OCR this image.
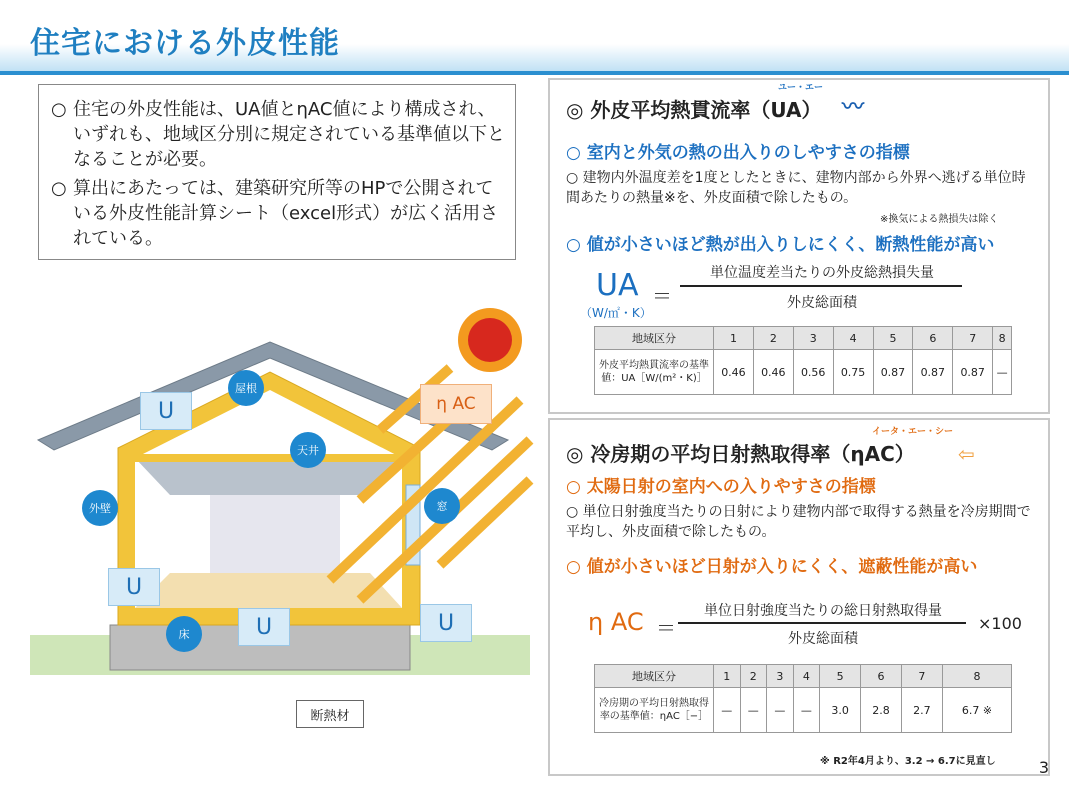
住宅における外皮性能
○ 住宅の外皮性能は、UA値とηAC値により構成され、いずれも、地域区分別に規定されている基準値以下となることが必要。
○ 算出にあたっては、建築研究所等のHPで公開されている外皮性能計算シート（excel形式）が広く活用されている。
屋根
天井
外壁	窓
床
U
U
U	U
η AC
断熱材
ユー・エー
◎ 外皮平均熱貫流率（UA） 〰
○ 室内と外気の熱の出入りのしやすさの指標
○ 建物内外温度差を1度としたときに、建物内部から外界へ逃げる単位時間あたりの熱量※を、外皮面積で除したもの。
※換気による熱損失は除く
○ 値が小さいほど熱が出入りしにくく、断熱性能が高い
UA
（W/㎡・K）
＝
単位温度差当たりの外皮総熱損失量
外皮総面積
地域区分	1	2	3	4	5	6	7	8
外皮平均熱貫流率の基準値：UA［W/(m²・K)］	0.46	0.46	0.56	0.75	0.87	0.87	0.87	—
イータ・エー・シー
◎ 冷房期の平均日射熱取得率（ηAC） ⇦
○ 太陽日射の室内への入りやすさの指標
○ 単位日射強度当たりの日射により建物内部で取得する熱量を冷房期間で平均し、外皮面積で除したもの。
○ 値が小さいほど日射が入りにくく、遮蔽性能が高い
η AC ＝
単位日射強度当たりの総日射熱取得量
外皮総面積
×100
地域区分	1	2	3	4	5	6	7	8
冷房期の平均日射熱取得率の基準値：ηAC［−］	—	—	—	—	3.0	2.8	2.7	6.7 ※
※ R2年4月より、3.2 → 6.7に見直し	3
